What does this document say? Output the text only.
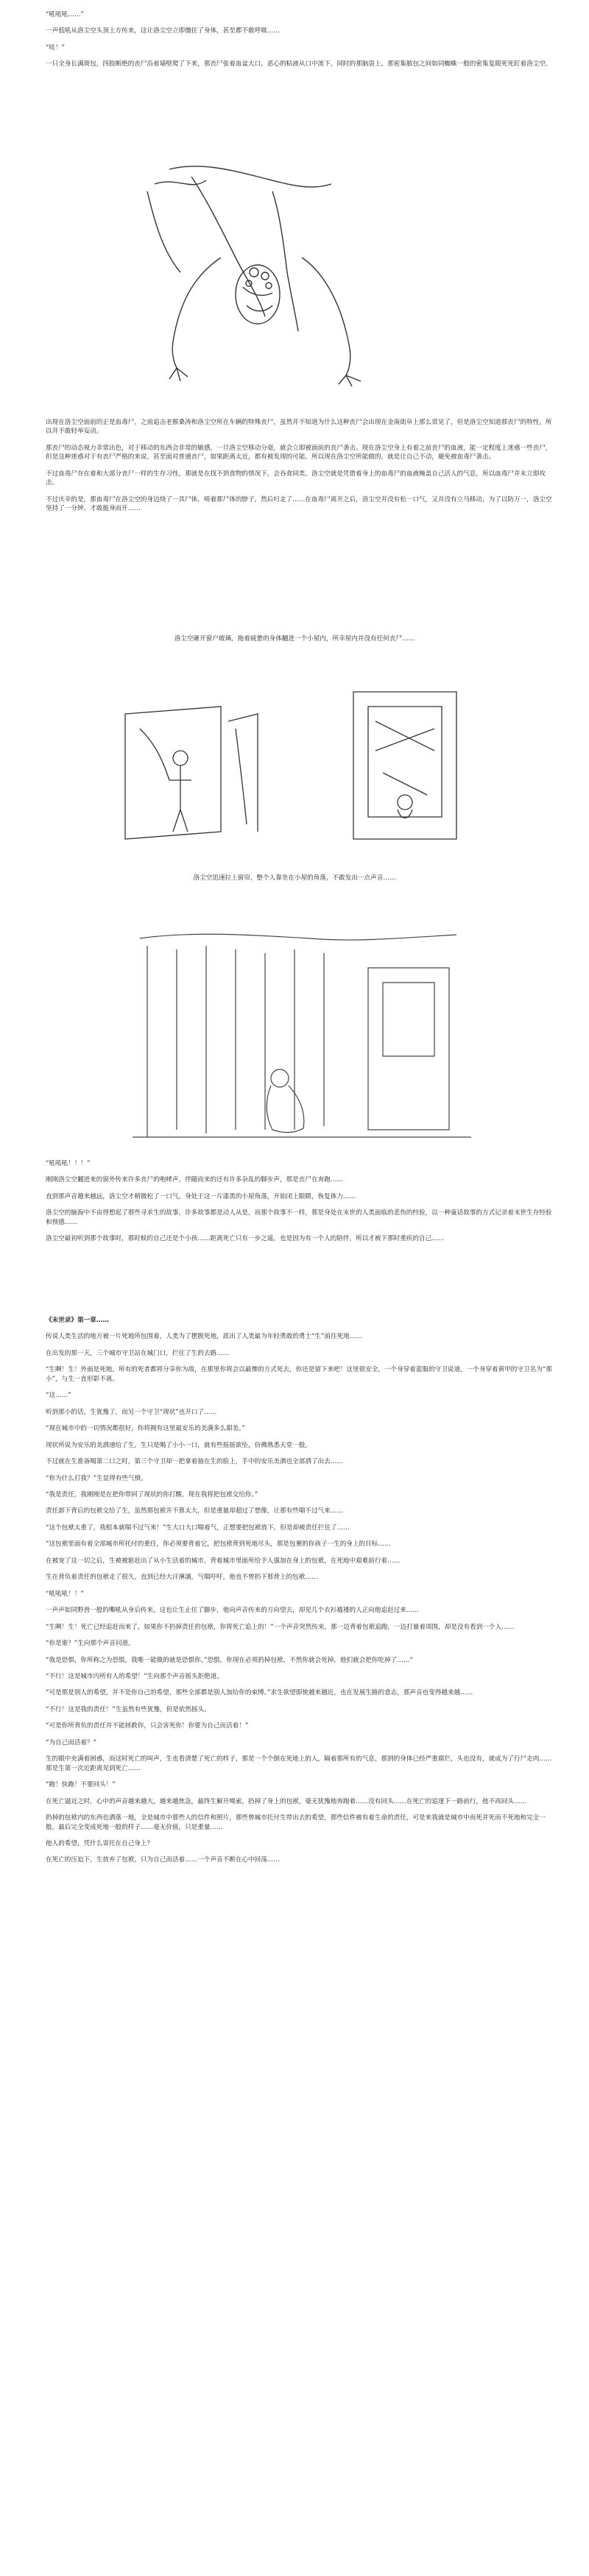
“吼吼吼……”

一声低吼从洛尘空头顶上方传来，这让洛尘空立即僵住了身体，甚至都不敢呼吸……

“哇！”

一只全身长满斑包，四肢断绝的丧尸沿着墙壁爬了下来，那丧尸张着血盆大口，恶心的粘液从口中流下，同时的那脑袋上，那密集脓包之间如同蜘蛛一般的密集复眼死死盯着洛尘空。

出现在洛尘空面前的正是血毒尸，之前追击老猴桑涛和洛尘空所在车辆的特殊丧尸，虽然并不知道为什么这种丧尸会出现在金南街阜上那么常见了，但是洛尘空知道那丧尸的特性，所以并不敢轻举妄动。

那丧尸的动态视力非常出色，对于移动的东西会非常的敏感，一旦洛尘空移动分毫，就会立即被面前的丧尸袭击。现在洛尘空身上有着之前丧尸的血液，能一定程度上迷惑一些丧尸，但是这种迷惑对于有丧尸严格的来说，甚至面对普通丧尸，如果距离太近，都有被发现的可能。所以现在洛尘空所能做的，就是让自己不动，避免被血毒尸袭击。

不过血毒尸存在着和大部分丧尸一样的生存习性，那就是在找不到食物的情况下，会吞食同类。洛尘空就是凭借着身上的血毒尸的血液掩盖自己活人的气息，所以血毒尸并未立即攻击。

不过庆幸的是，那血毒尸在洛尘空的身边绕了一具尸体，啃着那尸体的脖子，然后叼走了……在血毒尸离开之后，洛尘空并没有松一口气，又并没有立马移动，为了以防万一，洛尘空坚持了一分钟，才敢挺身而开……

洛尘空砸开窗户玻璃，拖着疲惫的身体翻进一个小屋内，所幸屋内并没有任何丧尸……

洛尘空迅速拉上窗帘，整个人靠坐在小屋的角落，不敢发出一点声音……

“吼吼吼！！！”

刚刚洛尘空翻进来的窗外传来许多丧尸的咆哮声，伴随而来的还有许多杂乱的脚步声，那是丧尸在奔跑……

直到那声音越来越远，洛尘空才稍微松了一口气，身处于这一片漆黑的小屋角落，开始闭上眼睛，恢复体力……

洛尘空的脑海中不由得想起了那些寻求生的故事，许多故事都是动人从是，而那个故事不一样，那是身处在末世的人类面临的悲伤的经验，以一种童话故事的方式记录着末世生存经验和预感……

洛尘空最初听到那个故事时，那时候的自己还是个小孩……距离死亡只有一步之遥，也是因为有一个人的陪伴，所以才被下那时重疾的自己……

《末世录》第一章……

传说人类生活的地方被一片死地所包围着，人类为了摆脱死地，派出了人类最为年轻勇敢的勇士“生”前往死地……

在出发的那一天，三个城市守卫站在城门口，拦住了生的去路……

“生啊！生！外面是死地，所有的死者都将分享你为敌，在那里你将会以最惨的方式死去，你还是留下来吧！这里很安全，一个身穿着蓝服的守卫说道，一个身穿着黄甲的守卫名为“那小”，与生一直形影不离。

“这……”

听到那小的话，生犹豫了，而另一个守卫“现状”也开口了……

“现在城市中的一切情况都很好，你将拥有这里最安乐的美满多么甜美。”

现状所说为安乐的美酒递给了生，生只是喝了小小一口，就有些摇摇欲坠，仿佛熟悉天堂一般。

不过就在生准备喝第二口之时，第三个守卫却一把拿着抽在生的脸上，手中的安乐美酒也全部洒了出去……

“你为什么打我？”生显得有些气愤。

“我是责任，我刚刚是在把你带回了现状的你打醒，现在我将把包袱交给你。”

责任卸下背后的包袱交给了生，虽然那包袱并不算太大，但是重量却超过了想像，让那有些喘不过气来……

“这个包袱太重了，我根本就喘不过气来！”生大口大口喘着气，正想要把包袱放下，但是却被责任拦住了……

“这包袱里面有着全部城市所托付的重任，你必须要背着它，把包袱背到死地尽头，那是包裹的你孩子一生的身上的目标……

在被宠了这一切之后，生被被驱赶出了从小生活着的城市，背着城市里面所给予人强加在身上的包袱，在死地中艰难前行着……

生在背负着责任的包袱走了很久，直到已经大汗淋漓，气喘吁吁，他也不曾扔下那背上的包袱……

“吼吼吼！！”

一声声如同野兽一般的嘶吼从身后传来，这也让生止住了脚步，他向声音传来的方向望去，却见几个衣衫褴褛的人正向他追赶过来……

“生啊！生！死亡已经追赶而来了，如果你不扔掉责任的包袱，你将死亡追上的！”一个声音突然传来，那一边背着包袱追跑，一边打量着周围，却是没有看到一个人……

“你是谁？”生向那个声音问道。

“我是恐惧，你所称之为恐惧，我唯一能做的就是恐惧你。”恐惧，你现在必须扔掉包袱，不然你就会死掉，他们就会把你吃掉了……”

“不行！这是城市内所有人的希望！”生向那个声音摇头拒绝道。

“可是那是别人的希望，并不是你自己的希望，那些全部都是别人加给你的束缚。”求生欲望即使越来越近，也在发展生路的意志，那声音也变得越来越……

“不行！这是我的责任！”生虽然有些犹豫，但是依然摇头。

“可是你所背负的责任并不能拯救你，只会害死你！你要为自己而活着！”

“为自己而活着？”

生的眼中充满着困惑，而这时死亡的叫声，生也看清楚了死亡的样子，那是一个个倒在死地上的人，隔着那所有的气息，那到的身体已经严重腐烂，头也没有，就成为了行尸走肉……那是生第一次近距离见到死亡……

“跑！快跑！不要回头！”

在死亡逼近之时，心中的声音越来越大，越来越焦急，最终生解开绳索，扔掉了身上的包袱，毫无犹豫地奔跑着……没有回头……在死亡的追逐下一路前行，他不再回头……

扔掉的包袱内的东西也洒落一地，全是城市中那些人的信件和照片，那些曾城市托付生带出去的希望，那些信件被有着生命的责任，可是来我就是城市中而死并死而不死地和完全一般，最后完全变成死地一般的样子……毫无价值，只是重量……

他人的希望，凭什么寄托在自己身上？

在死亡的压迫下，生放弃了包袱，只为自己而活着……一个声音不断在心中回荡……
